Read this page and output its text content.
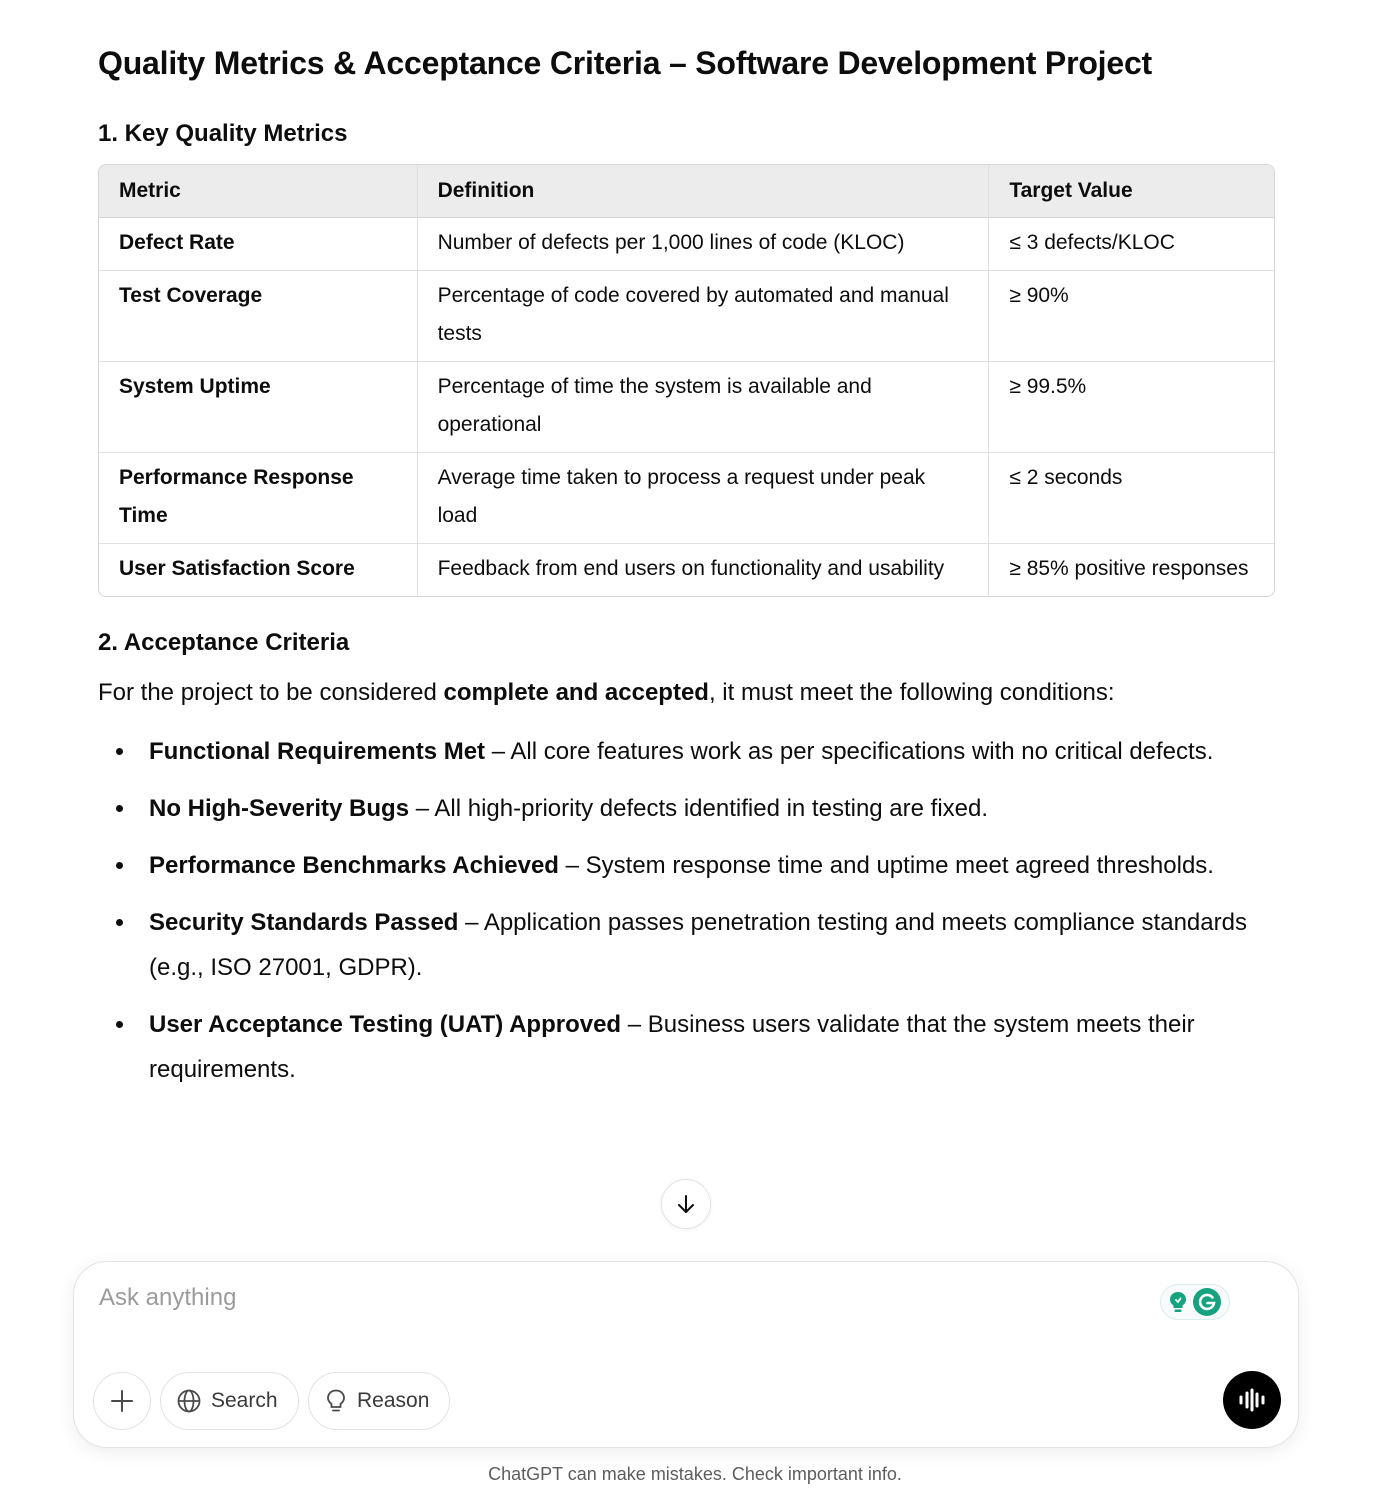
Quality Metrics & Acceptance Criteria – Software Development Project
1. Key Quality Metrics
Metric	Definition	Target Value
Defect Rate	Number of defects per 1,000 lines of code (KLOC)	≤ 3 defects/KLOC
Test Coverage	Percentage of code covered by automated and manual tests	≥ 90%
System Uptime	Percentage of time the system is available and operational	≥ 99.5%
Performance Response Time	Average time taken to process a request under peak load	≤ 2 seconds
User Satisfaction Score	Feedback from end users on functionality and usability	≥ 85% positive responses
2. Acceptance Criteria

For the project to be considered complete and accepted, it must meet the following conditions:

Functional Requirements Met – All core features work as per specifications with no critical defects.
No High-Severity Bugs – All high-priority defects identified in testing are fixed.
Performance Benchmarks Achieved – System response time and uptime meet agreed thresholds.
Security Standards Passed – Application passes penetration testing and meets compliance standards (e.g., ISO 27001, GDPR).
User Acceptance Testing (UAT) Approved – Business users validate that the system meets their requirements.
Ask anything
Search	Reason
ChatGPT can make mistakes. Check important info.
